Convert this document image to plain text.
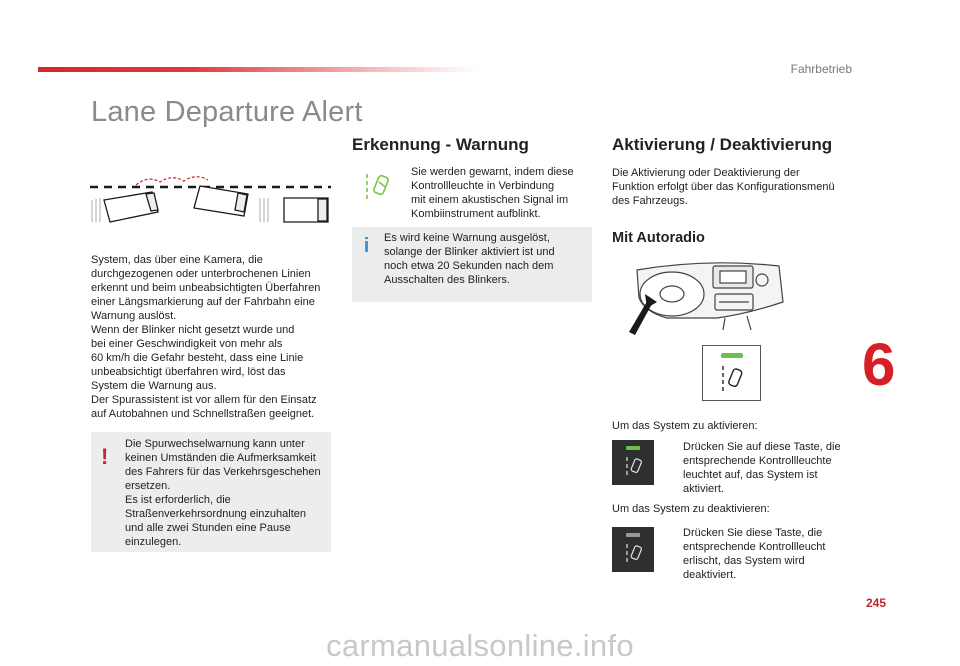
Fahrbetrieb
Lane Departure Alert

System, das über eine Kamera, die

durchgezogenen oder unterbrochenen Linien

erkennt und beim unbeabsichtigten Überfahren

einer Längsmarkierung auf der Fahrbahn eine

Warnung auslöst.

Wenn der Blinker nicht gesetzt wurde und

bei einer Geschwindigkeit von mehr als

60 km/h die Gefahr besteht, dass eine Linie

unbeabsichtigt überfahren wird, löst das

System die Warnung aus.

Der Spurassistent ist vor allem für den Einsatz

auf Autobahnen und Schnellstraßen geeignet.

! Die Spurwechselwarnung kann unter

keinen Umständen die Aufmerksamkeit

des Fahrers für das Verkehrsgeschehen

ersetzen.

Es ist erforderlich, die

Straßenverkehrsordnung einzuhalten

und alle zwei Stunden eine Pause

einzulegen.

Erkennung - Warnung

Sie werden gewarnt, indem diese

Kontrollleuchte in Verbindung

mit einem akustischen Signal im

Kombiinstrument aufblinkt.

i Es wird keine Warnung ausgelöst,

solange der Blinker aktiviert ist und

noch etwa 20 Sekunden nach dem

Ausschalten des Blinkers.

Aktivierung / Deaktivierung

Die Aktivierung oder Deaktivierung der

Funktion erfolgt über das Konfigurationsmenü

des Fahrzeugs.

Mit Autoradio
Um das System zu aktivieren:

Drücken Sie auf diese Taste, die

entsprechende Kontrollleuchte

leuchtet auf, das System ist

aktiviert.

Um das System zu deaktivieren:

Drücken Sie diese Taste, die

entsprechende Kontrollleucht

erlischt, das System wird

deaktiviert.

6
245
carmanualsonline.info
